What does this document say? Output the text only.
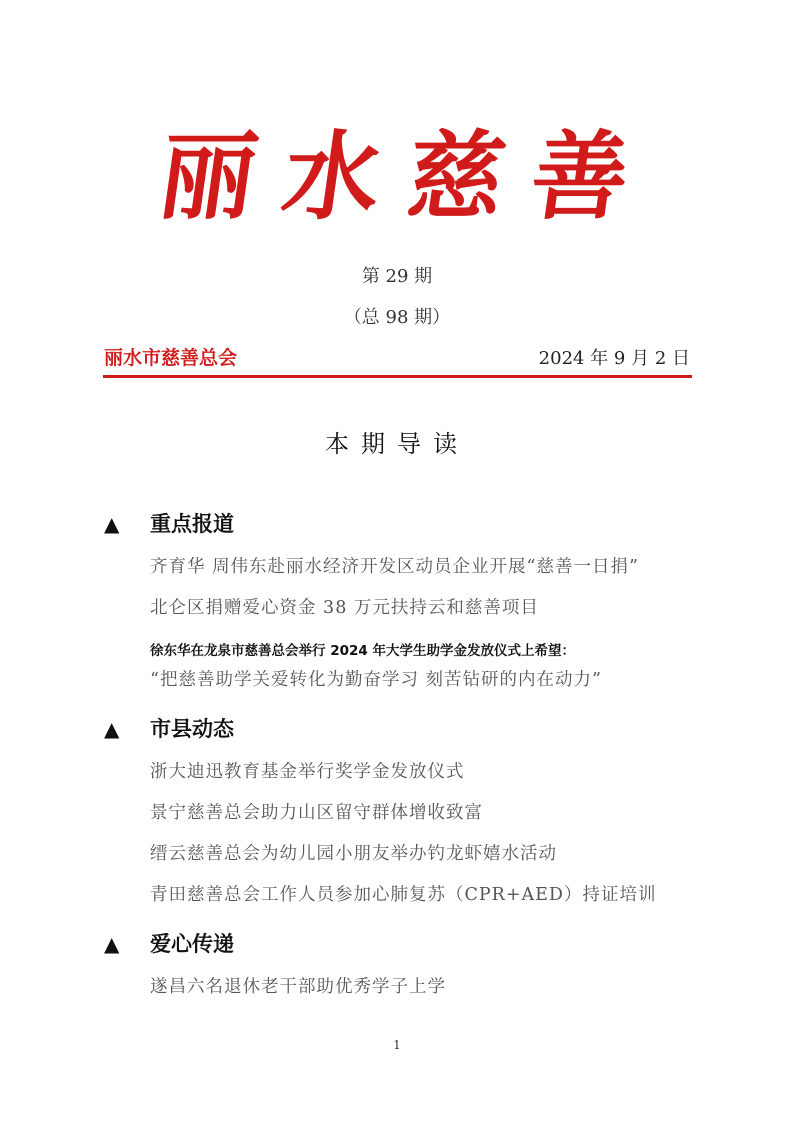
丽水慈善
第 29 期
（总 98 期）
丽水市慈善总会	2024 年 9 月 2 日
本期导读
▲ 重点报道
齐育华 周伟东赴丽水经济开发区动员企业开展“慈善一日捐”
北仑区捐赠爱心资金 38 万元扶持云和慈善项目
徐东华在龙泉市慈善总会举行 2024 年大学生助学金发放仪式上希望：
“把慈善助学关爱转化为勤奋学习 刻苦钻研的内在动力”
▲ 市县动态
浙大迪迅教育基金举行奖学金发放仪式
景宁慈善总会助力山区留守群体增收致富
缙云慈善总会为幼儿园小朋友举办钓龙虾嬉水活动
青田慈善总会工作人员参加心肺复苏（CPR+AED）持证培训
▲ 爱心传递
遂昌六名退休老干部助优秀学子上学
1
